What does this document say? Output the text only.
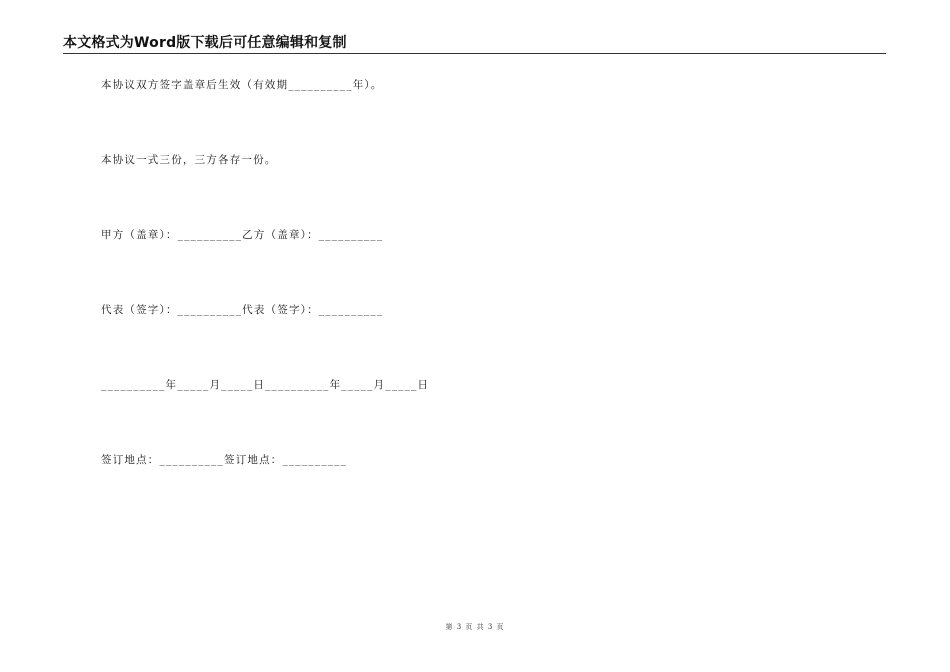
本文格式为Word版下载后可任意编辑和复制
本协议双方签字盖章后生效（有效期__________年）。
本协议一式三份，三方各存一份。
甲方（盖章）：__________乙方（盖章）：__________
代表（签字）：__________代表（签字）：__________
__________年_____月_____日__________年_____月_____日
签订地点：__________签订地点：__________
第 3 页 共 3 页
